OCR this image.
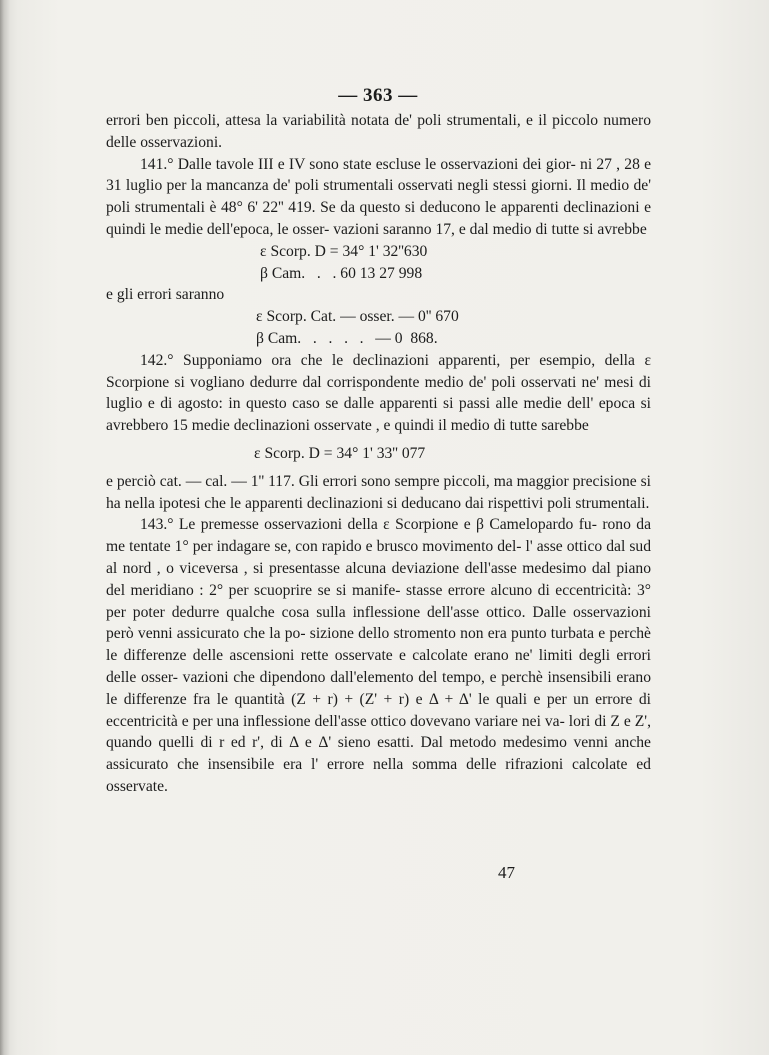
— 363 —

errori ben piccoli, attesa la variabilità notata de' poli strumentali, e il piccolo numero delle osservazioni.

141.° Dalle tavole III e IV sono state escluse le osservazioni dei gior- ni 27 , 28 e 31 luglio per la mancanza de' poli strumentali osservati negli stessi giorni. Il medio de' poli strumentali è 48° 6' 22'' 419. Se da questo si deducono le apparenti declinazioni e quindi le medie dell'epoca, le osser- vazioni saranno 17, e dal medio di tutte si avrebbe

ε Scorp. D = 34° 1' 32''630
β Cam.   .   . 60 13 27 998

e gli errori saranno

ε Scorp. Cat. — osser. — 0'' 670
β Cam.   .   .   .   .   — 0  868.

142.° Supponiamo ora che le declinazioni apparenti, per esempio, della ε Scorpione si vogliano dedurre dal corrispondente medio de' poli osservati ne' mesi di luglio e di agosto: in questo caso se dalle apparenti si passi alle medie dell' epoca si avrebbero 15 medie declinazioni osservate , e quindi il medio di tutte sarebbe

ε Scorp. D = 34° 1' 33'' 077

e perciò cat. — cal. — 1'' 117. Gli errori sono sempre piccoli, ma maggior precisione si ha nella ipotesi che le apparenti declinazioni si deducano dai rispettivi poli strumentali.

143.° Le premesse osservazioni della ε Scorpione e β Camelopardo fu- rono da me tentate 1° per indagare se, con rapido e brusco movimento del- l' asse ottico dal sud al nord , o viceversa , si presentasse alcuna deviazione dell'asse medesimo dal piano del meridiano : 2° per scuoprire se si manife- stasse errore alcuno di eccentricità: 3° per poter dedurre qualche cosa sulla inflessione dell'asse ottico. Dalle osservazioni però venni assicurato che la po- sizione dello stromento non era punto turbata e perchè le differenze delle ascensioni rette osservate e calcolate erano ne' limiti degli errori delle osser- vazioni che dipendono dall'elemento del tempo, e perchè insensibili erano le differenze fra le quantità (Z + r) + (Z' + r) e Δ + Δ' le quali e per un errore di eccentricità e per una inflessione dell'asse ottico dovevano variare nei va- lori di Z e Z', quando quelli di r ed r', di Δ e Δ' sieno esatti. Dal metodo medesimo venni anche assicurato che insensibile era l' errore nella somma delle rifrazioni calcolate ed osservate.

47
